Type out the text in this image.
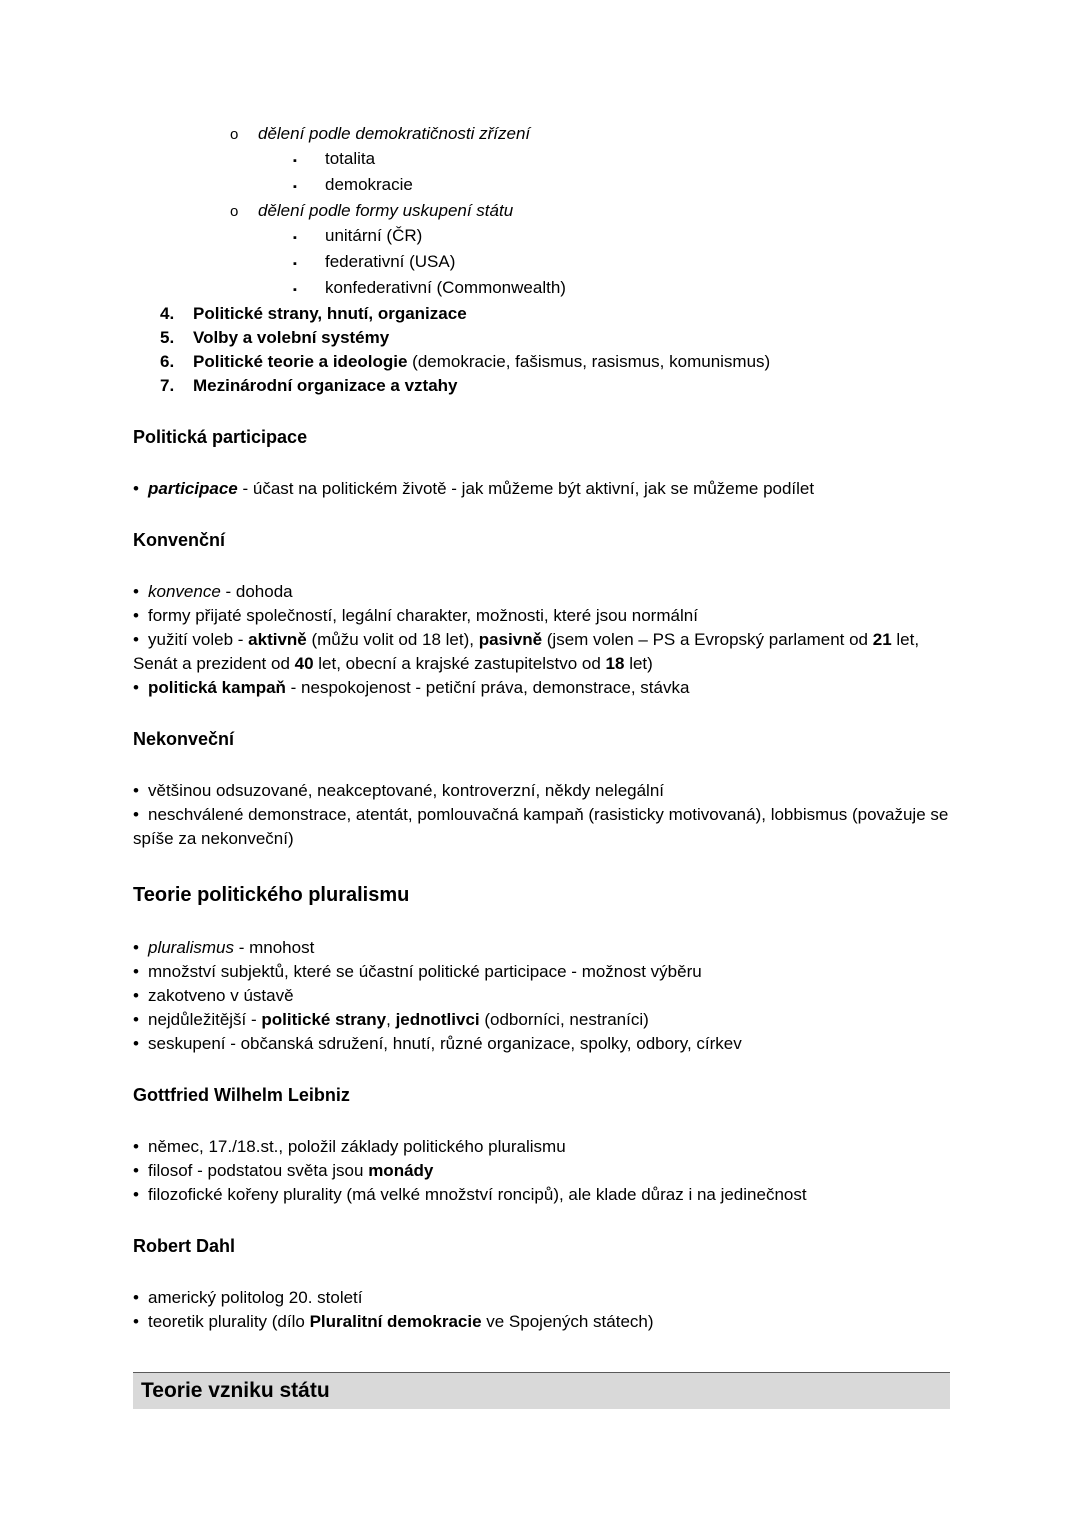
o	dělení podle demokratičnosti zřízení
▪	totalita
▪	demokracie
o	dělení podle formy uskupení státu
▪	unitární (ČR)
▪	federativní (USA)
▪	konfederativní (Commonwealth)
4.	Politické strany, hnutí, organizace
5.	Volby a volební systémy
6.	Politické teorie a ideologie (demokracie, fašismus, rasismus, komunismus)
7.	Mezinárodní organizace a vztahy
Politická participace

• participace - účast na politickém životě - jak můžeme být aktivní, jak se můžeme podílet

Konvenční

• konvence - dohoda

• formy přijaté společností, legální charakter, možnosti, které jsou normální

• yužití voleb - aktivně (můžu volit od 18 let), pasivně (jsem volen – PS a Evropský parlament od 21 let, Senát a prezident od 40 let, obecní a krajské zastupitelstvo od 18 let)

• politická kampaň - nespokojenost - petiční práva, demonstrace, stávka

Nekonveční

• většinou odsuzované, neakceptované, kontroverzní, někdy nelegální

• neschválené demonstrace, atentát, pomlouvačná kampaň (rasisticky motivovaná), lobbismus (považuje se spíše za nekonveční)

Teorie politického pluralismu

• pluralismus - mnohost

• množství subjektů, které se účastní politické participace - možnost výběru

• zakotveno v ústavě

• nejdůležitější - politické strany, jednotlivci (odborníci, nestraníci)

• seskupení - občanská sdružení, hnutí, různé organizace, spolky, odbory, církev

Gottfried Wilhelm Leibniz

• němec, 17./18.st., položil základy politického pluralismu

• filosof - podstatou světa jsou monády

• filozofické kořeny plurality (má velké množství roncipů), ale klade důraz i na jedinečnost

Robert Dahl

• americký politolog 20. století

• teoretik plurality (dílo Pluralitní demokracie ve Spojených státech)

Teorie vzniku státu
